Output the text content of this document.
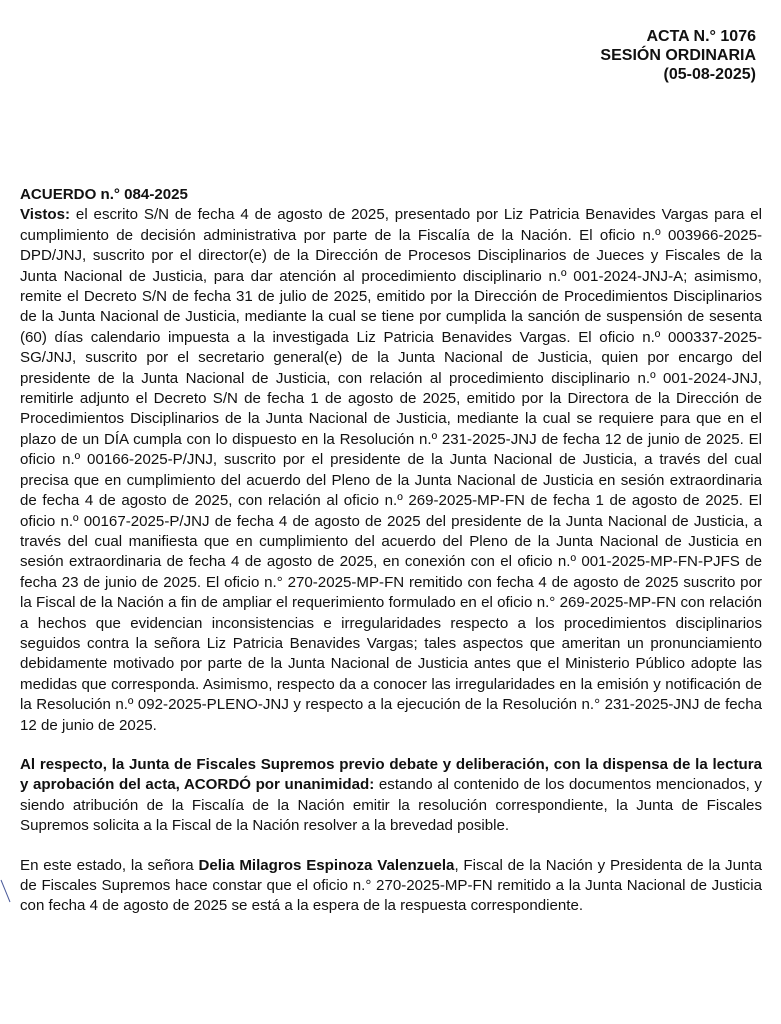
ACTA N.° 1076
SESIÓN ORDINARIA
(05-08-2025)

ACUERDO n.° 084-2025

Vistos: el escrito S/N de fecha 4 de agosto de 2025, presentado por Liz Patricia Benavides Vargas para el cumplimiento de decisión administrativa por parte de la Fiscalía de la Nación. El oficio n.º 003966-2025-DPD/JNJ, suscrito por el director(e) de la Dirección de Procesos Disciplinarios de Jueces y Fiscales de la Junta Nacional de Justicia, para dar atención al procedimiento disciplinario n.º 001-2024-JNJ-A; asimismo, remite el Decreto S/N de fecha 31 de julio de 2025, emitido por la Dirección de Procedimientos Disciplinarios de la Junta Nacional de Justicia, mediante la cual se tiene por cumplida la sanción de suspensión de sesenta (60) días calendario impuesta a la investigada Liz Patricia Benavides Vargas. El oficio n.º 000337-2025-SG/JNJ, suscrito por el secretario general(e) de la Junta Nacional de Justicia, quien por encargo del presidente de la Junta Nacional de Justicia, con relación al procedimiento disciplinario n.º 001-2024-JNJ, remitirle adjunto el Decreto S/N de fecha 1 de agosto de 2025, emitido por la Directora de la Dirección de Procedimientos Disciplinarios de la Junta Nacional de Justicia, mediante la cual se requiere para que en el plazo de un DÍA cumpla con lo dispuesto en la Resolución n.º 231-2025-JNJ de fecha 12 de junio de 2025. El oficio n.º 00166-2025-P/JNJ, suscrito por el presidente de la Junta Nacional de Justicia, a través del cual precisa que en cumplimiento del acuerdo del Pleno de la Junta Nacional de Justicia en sesión extraordinaria de fecha 4 de agosto de 2025, con relación al oficio n.º 269-2025-MP-FN de fecha 1 de agosto de 2025. El oficio n.º 00167-2025-P/JNJ de fecha 4 de agosto de 2025 del presidente de la Junta Nacional de Justicia, a través del cual manifiesta que en cumplimiento del acuerdo del Pleno de la Junta Nacional de Justicia en sesión extraordinaria de fecha 4 de agosto de 2025, en conexión con el oficio n.º 001-2025-MP-FN-PJFS de fecha 23 de junio de 2025. El oficio n.° 270-2025-MP-FN remitido con fecha 4 de agosto de 2025 suscrito por la Fiscal de la Nación a fin de ampliar el requerimiento formulado en el oficio n.° 269-2025-MP-FN con relación a hechos que evidencian inconsistencias e irregularidades respecto a los procedimientos disciplinarios seguidos contra la señora Liz Patricia Benavides Vargas; tales aspectos que ameritan un pronunciamiento debidamente motivado por parte de la Junta Nacional de Justicia antes que el Ministerio Público adopte las medidas que corresponda. Asimismo, respecto da a conocer las irregularidades en la emisión y notificación de la Resolución n.º 092-2025-PLENO-JNJ y respecto a la ejecución de la Resolución n.° 231-2025-JNJ de fecha 12 de junio de 2025.

Al respecto, la Junta de Fiscales Supremos previo debate y deliberación, con la dispensa de la lectura y aprobación del acta, ACORDÓ por unanimidad: estando al contenido de los documentos mencionados, y siendo atribución de la Fiscalía de la Nación emitir la resolución correspondiente, la Junta de Fiscales Supremos solicita a la Fiscal de la Nación resolver a la brevedad posible.

En este estado, la señora Delia Milagros Espinoza Valenzuela, Fiscal de la Nación y Presidenta de la Junta de Fiscales Supremos hace constar que el oficio n.° 270-2025-MP-FN remitido a la Junta Nacional de Justicia con fecha 4 de agosto de 2025 se está a la espera de la respuesta correspondiente.
